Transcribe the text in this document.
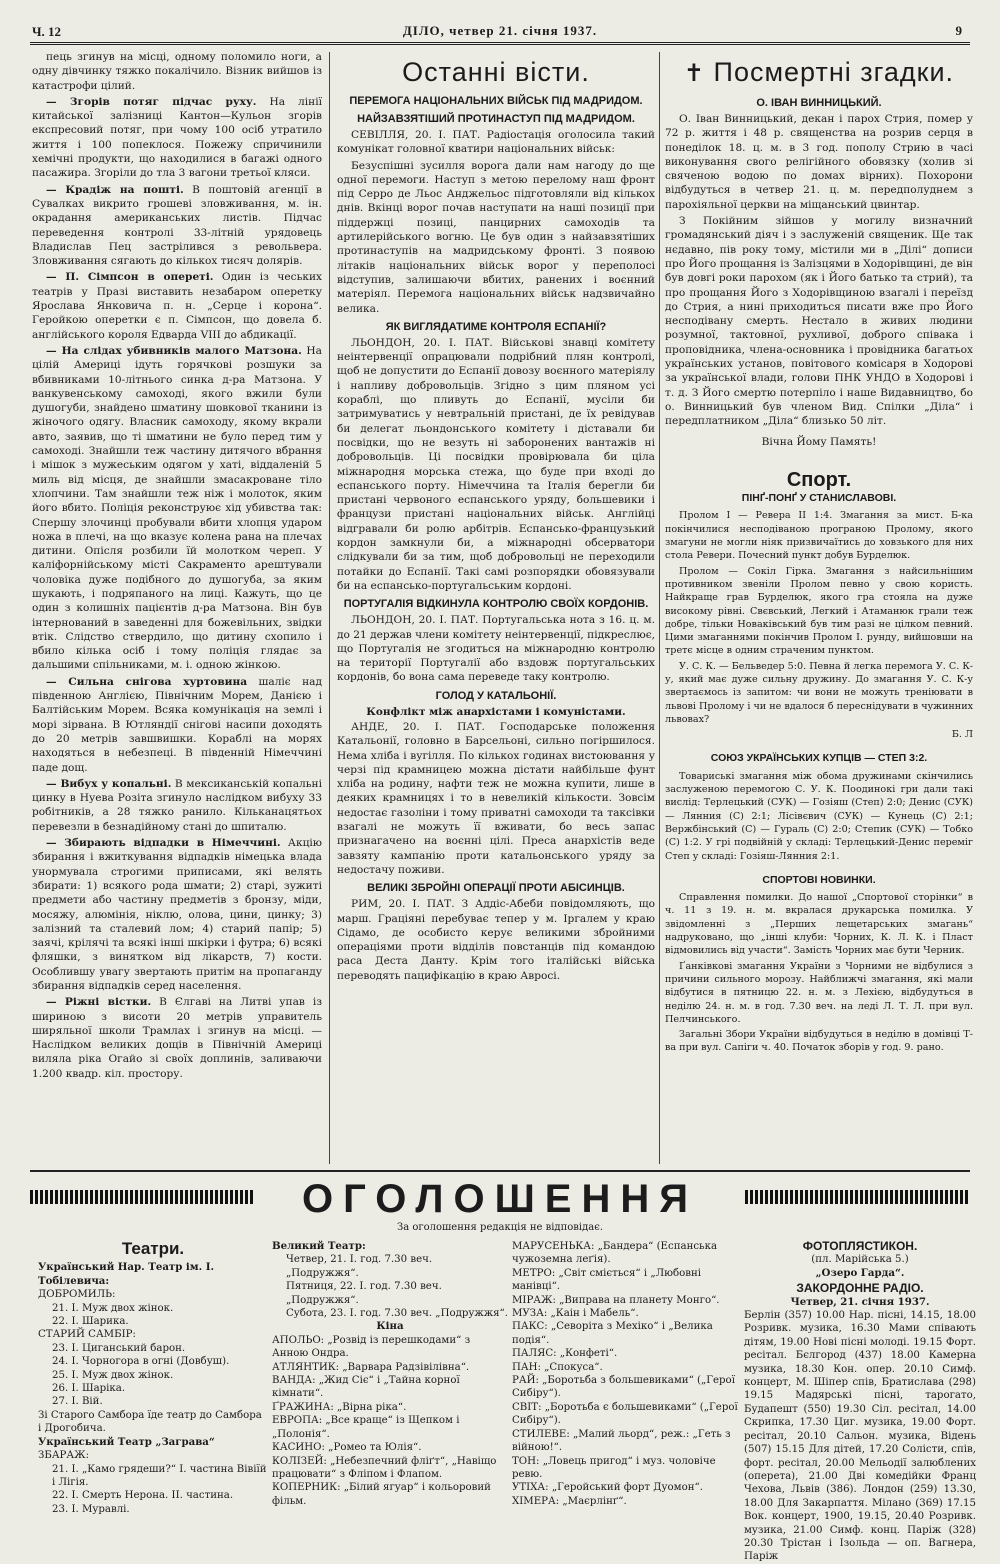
Ч. 12	ДІЛО, четвер 21. січня 1937.	9

пець згинув на місці, одному поломило ноги, а одну дівчинку тяжко покалічило. Візник вийшов із катастрофи цілий.

— Згорів потяг підчас руху. На лінії китайської залізниці Кантон—Кульон згорів експресовий потяг, при чому 100 осіб утратило життя і 100 попеклося. Пожежу спричинили хемічні продукти, що находилися в багажі одного пасажира. Згоріли до тла 3 вагони третьої кляси.

— Крадіж на пошті. В поштовій агенції в Сувалках викрито грошеві зловживання, м. ін. окрадання американських листів. Підчас переведення контролі 33-літній урядовець Владислав Пец застрілився з револьвера. Зловживання сягають до кількох тисяч долярів.

— П. Сімпсон в опереті. Один із чеських театрів у Празі виставить незабаром оперетку Ярослава Янковича п. н. „Серце і корона“. Геройкою оперетки є п. Сімпсон, що довела б. англійського короля Едварда VIII до абдикації.

— На слідах убивників малого Матзона. На цілій Америці ідуть горячкові розшуки за вбивниками 10-літнього синка д-ра Матзона. У ванкувенському самоході, якого вжили були душогуби, знайдено шматину шовкової тканини із жіночого одягу. Власник самоходу, якому вкрали авто, заявив, що ті шматини не було перед тим у самоході. Знайшли теж частину дитячого вбрання і мішок з мужеським одягом у хаті, віддаленій 5 миль від місця, де знайшли змасакроване тіло хлопчини. Там знайшли теж ніж і молоток, яким його вбито. Поліція реконструює хід убивства так: Спершу злочинці пробували вбити хлопця ударом ножа в плечі, на що вказує колена рана на плечах дитини. Опісля розбили їй молотком череп. У каліфорнійському місті Сакраменто арештували чоловіка дуже подібного до душогуба, за яким шукають, і подряпаного на лиці. Кажуть, що це один з колишніх пацієнтів д-ра Матзона. Він був інтернований в заведенні для божевільних, звідки втік. Слідство ствердило, що дитину схопило і вбило кілька осіб і тому поліція глядає за дальшими спільниками, м. і. одною жінкою.

— Сильна снігова хуртовина шаліє над південною Англією, Північним Морем, Данією і Балтійським Морем. Всяка комунікація на землі і морі зірвана. В Ютляндії снігові насипи доходять до 20 метрів завшвишки. Кораблі на морях находяться в небезпеці. В південній Німеччині паде дощ.

— Вибух у копальні. В мексиканській копальні цинку в Нуева Розіта згинуло наслідком вибуху 33 робітників, а 28 тяжко ранило. Кільканацятьох перевезли в безнадійному стані до шпиталю.

— Збирають відпадки в Німеччині. Акцію збирання і вжиткування відпадків німецька влада унормувала строгими приписами, які велять збирати: 1) всякого рода шмати; 2) старі, зужиті предмети або частину предметів з бронзу, міди, мосяжу, алюмінія, ніклю, олова, цини, цинку; 3) залізний та сталевий лом; 4) старий папір; 5) заячі, крілячі та всякі інші шкірки і футра; 6) всякі фляшки, з винятком від лікарств, 7) кости. Особлившу увагу звертають притім на пропаганду збирання відпадків серед населення.

— Ріжні вістки. В Єлгаві на Литві упав із шириною з висоти 20 метрів управитель ширяльної школи Трамлах і згинув на місці. — Наслідком великих дощів в Північній Америці виляла ріка Огайо зі своїх доплинів, заливаючи 1.200 квадр. кіл. простору.

Останні вісти.
ПЕРЕМОГА НАЦІОНАЛЬНИХ ВІЙСЬК ПІД МАДРИДОМ.
НАЙЗАВЗЯТІШИЙ ПРОТИНАСТУП ПІД МАДРИДОМ.

СЕВІЛЛЯ, 20. І. ПАТ. Радіостація оголосила такий комунікат головної кватири національних військ:

Безуспішні зусилля ворога дали нам нагоду до ще одної перемоги. Наступ з метою перелому наш фронт під Серро де Льос Анджельос підготовляли від кількох днів. Вкінці ворог почав наступати на наші позиції при піддержці позиці, панцирних самоходів та артилерійського вогню. Це був один з найзавзятіших протинаступів на мадридському фронті. З появою літаків національних військ ворог у переполосі відступив, залишаючи вбитих, ранених і воєнний матеріял. Перемога національних військ надзвичайно велика.

ЯК ВИГЛЯДАТИМЕ КОНТРОЛЯ ЕСПАНІЇ?

ЛЬОНДОН, 20. І. ПАТ. Військові знавці комітету неінтервенції опрацювали подрібний плян контролі, щоб не допустити до Еспанії довозу воєнного матеріялу і напливу добровольців. Згідно з цим пляном усі кораблі, що пливуть до Еспанії, мусіли би затримуватись у невтральній пристані, де їх ревідував би делегат льондонського комітету і діставали би посвідки, що не везуть ні заборонених вантажів ні добровольців. Ці посвідки провірювала би ціла міжнародня морська стежа, що буде при вході до еспанського порту. Німеччина та Італія берегли би пристані червоного еспанського уряду, большевики і французи пристані національних військ. Англійці відгравали би ролю арбітрів. Еспансько-французький кордон замкнули би, а міжнародні обсерватори слідкували би за тим, щоб добровольці не переходили потайки до Еспанії. Такі самі розпорядки обовязували би на еспансько-португальським кордоні.

ПОРТУГАЛІЯ ВІДКИНУЛА КОНТРОЛЮ СВОЇХ КОРДОНІВ.

ЛЬОНДОН, 20. І. ПАТ. Португальська нота з 16. ц. м. до 21 держав члени комітету неінтервенції, підкреслює, що Португалія не згодиться на міжнародню контролю на території Португалії або вздовж португальських кордонів, бо вона сама переведе таку контролю.

ГОЛОД У КАТАЛЬОНІЇ.
Конфлікт між анархістами і комуністами.

АНДЕ, 20. І. ПАТ. Господарське положення Катальонії, головно в Барсельоні, сильно погіршилося. Нема хліба і вугілля. По кількох годинах вистоювання у черзі під крамницею можна дістати найбільше фунт хліба на родину, нафти теж не можна купити, лише в деяких крамницях і то в невеликій кількости. Зовсім недостає газоліни і тому приватні самоходи та таксівки взагалі не можуть її вживати, бо весь запас признагачено на воєнні цілі. Преса анархістів веде завзяту кампанію проти катальонського уряду за недостачу поживи.

ВЕЛИКІ ЗБРОЙНІ ОПЕРАЦІЇ ПРОТИ АБІСИНЦІВ.

РИМ, 20. І. ПАТ. З Аддіс-Абеби повідомляють, що марш. Граціяні перебуває тепер у м. Іргалем у краю Сідамо, де особисто керує великими збройними операціями проти відділів повстанців під командою раса Деста Данту. Крім того італійські війська переводять пацифікацію в краю Авросі.

✝ Посмертні згадки.
О. ІВАН ВИННИЦЬКИЙ.

О. Іван Винницький, декан і парох Стрия, помер у 72 р. життя і 48 р. священства на розрив серця в понеділок 18. ц. м. в 3 год. пополу Стрию в часі виконування свого релігійного обовязку (холив зі свяченою водою по домах вірних). Похорони відбудуться в четвер 21. ц. м. передполуднем з парохіяльної церкви на міщанський цвинтар.

З Покійним зійшов у могилу визначний громадянський діяч і з заслуженій священик. Ще так нєдавно, пів року тому, містили ми в „Ділі“ дописи про Його прощання із Залізцями в Ходорівщині, де він був довгі роки парохом (як і Його батько та стрий), та про прощання Його з Ходорівщиною взагалі і переїзд до Стрия, а нині приходиться писати вже про Його несподівану смерть. Нестало в живих людини розумної, тактовної, рухливої, доброго співака і проповідника, члена-основника і провідника багатьох українських установ, повітового комісаря в Ходорові за української влади, голови ПНК УНДО в Ходорові і т. д. З Його смертю потерпіло і наше Видавництво, бо о. Винницький був членом Вид. Спілки „Діла“ і передплатником „Діла“ близько 50 літ.

Вічна Йому Память!
Спорт.
ПІНҐ-ПОНҐ У СТАНИСЛАВОВІ.

Пролом І — Ревера ІІ 1:4. Змагання за мист. Б-ка покінчилися несподіваною програною Пролому, якого змагуни не могли ніяк призвичаїтись до ховзького для них стола Ревери. Почесний пункт добув Бурделюк.

Пролом — Сокіл Гірка. Змагання з найсильнішим противником звеніли Пролом певно у свою користь. Найкраще грав Бурделюк, якого гра стояла на дуже високому рівні. Свєвський, Легкий і Атаманюк грали теж добре, тільки Новаківський був тим разі не цілком певний. Цими змаганнями покінчив Пролом І. рунду, вийшовши на третє місце в одним страченим пунктом.

У. С. К. — Бельведер 5:0. Певна й легка перемога У. С. К-у, який має дуже сильну дружину. До змагання У. С. К-у звертаємось із запитом: чи вони не можуть треніювати в львові Пролому і чи не вдалося б переснідувати в чужинних львовах?

Б. Л
СОЮЗ УКРАЇНСЬКИХ КУПЦІВ — СТЕП 3:2.

Товариські змагання між обома дружинами скінчились заслуженою перемогою С. У. К. Поодинокі гри дали такі вислід: Терлецький (СУК) — Гозіяш (Степ) 2:0; Денис (СУК) — Лянния (С) 2:1; Лісівєвич (СУК) — Кунець (С) 2:1; Вержбінський (С) — Гураль (С) 2:0; Степик (СУК) — Тобко (С) 1:2. У грі подвійній у складі: Терлецький-Денис переміг Степ у складі: Гозіяш-Лянния 2:1.

СПОРТОВІ НОВИНКИ.

Справлення помилки. До нашої „Спортової сторінки“ в ч. 11 з 19. н. м. вкралася друкарська помилка. У звідомленні з „Перших лещетарських змагань“ надруковано, що „інші клуби: Чорних, К. Л. К. і Пласт відмовились від участи“. Замість Чорних має бути Черник.

Ґанківкові змагання України з Чорними не відбулися з причини сильного морозу. Найближчі змагання, які мали відбутися в пятницю 22. н. м. з Лехією, відбудуться в неділю 24. н. м. в год. 7.30 веч. на леді Л. Т. Л. при вул. Пелчинського.

Загальні Збори України відбудуться в неділю в домівці Т-ва при вул. Сапіги ч. 40. Початок зборів у год. 9. рано.

ОГОЛОШЕННЯ
За оголошення редакція не відповідає.
Театри.
Український Нар. Театр ім. І. Тобілевича:
ДОБРОМИЛЬ:
21. І. Муж двох жінок.
22. І. Шарика.
СТАРИЙ САМБІР:
23. І. Циганський барон.
24. І. Чорногора в огні (Довбуш).
25. І. Муж двох жінок.
26. І. Шаріка.
27. І. Вій.
Зі Старого Самбора їде театр до Самбора і Дрогобича.
Український Театр „Заграва“
ЗБАРАЖ:
21. І. „Камо грядеши?“ І. частина Вівіїй і Лігія.
22. І. Смерть Нерона. ІІ. частина.
23. І. Муравлі.
Великий Театр:
Четвер, 21. І. год. 7.30 веч. „Подружжя“.
Пятниця, 22. І. год. 7.30 веч. „Подружжя“.
Субота, 23. І. год. 7.30 веч. „Подружжя“.
Кіна
АПОЛЬО: „Розвід із перешкодами“ з Анною Ондра.
АТЛЯНТИК: „Варвара Радзівілівна“.
ВАНДА: „Жид Сіє“ і „Тайна корної кімнати“.
ҐРАЖИНА: „Вірна ріка“.
ЕВРОПА: „Все краще“ із Щепком і „Полонія“.
КАСИНО: „Ромео та Юлія“.
КОЛІЗЕЙ: „Небезпечний фліґт“, „Навіщо працювати“ з Фліпом і Флапом.
КОПЕРНИК: „Білий ягуар“ і кольоровий фільм.
МАРУСЕНЬКА: „Бандера“ (Еспанська чужоземна леґія).
МЕТРО: „Світ сміється“ і „Любовні манівці“.
МІРАЖ: „Виправа на планету Монго“.
МУЗА: „Каін і Мабель“.
ПАКС: „Севоріта з Мехіко“ і „Велика подія“.
ПАЛЯС: „Конфеті“.
ПАН: „Спокуса“.
РАЙ: „Боротьба з большевиками“ („Герої Сибіру“).
СВІТ: „Боротьба є большевиками“ („Герої Сибіру“).
СТИЛЕВЕ: „Малий льорд“, реж.: „Геть з війною!“.
ТОН: „Ловець пригод“ і муз. чоловіче ревю.
УТІХА: „Геройський форт Дуомон“.
ХІМЕРА: „Маєрлінґ“.
ФОТОПЛЯСТИКОН.
(пл. Марійська 5.)
„Озеро Гарда“.
ЗАКОРДОННЕ РАДІО.
Четвер, 21. січня 1937.
Берлін (357) 10.00 Нар. пісні, 14.15, 18.00 Розривк. музика, 16.30 Мами співають дітям, 19.00 Нові пісні молоді. 19.15 Форт. ресітал. Бєлгород (437) 18.00 Камерна музика, 18.30 Кон. опер. 20.10 Симф. концерт, М. Шіпер спів, Братислава (298) 19.15 Мадярські пісні, тарогато, Будапешт (550) 19.30 Сіл. ресітал, 14.00 Скрипка, 17.30 Циг. музика, 19.00 Форт. ресітал, 20.10 Сальон. музика, Відень (507) 15.15 Для дітей, 17.20 Солісти, спів, форт. ресітал, 20.00 Мельодії залюблених (оперета), 21.00 Дві комедійки Франц Чехова, Львів (386). Лондон (259) 13.30, 18.00 Для Закарпаття. Мілано (369) 17.15 Вок. концерт, 1900, 19.15, 20.40 Розривк. музика, 21.00 Симф. конц. Паріж (328) 20.30 Трістан і Ізольда — оп. Вагнера, Паріж
